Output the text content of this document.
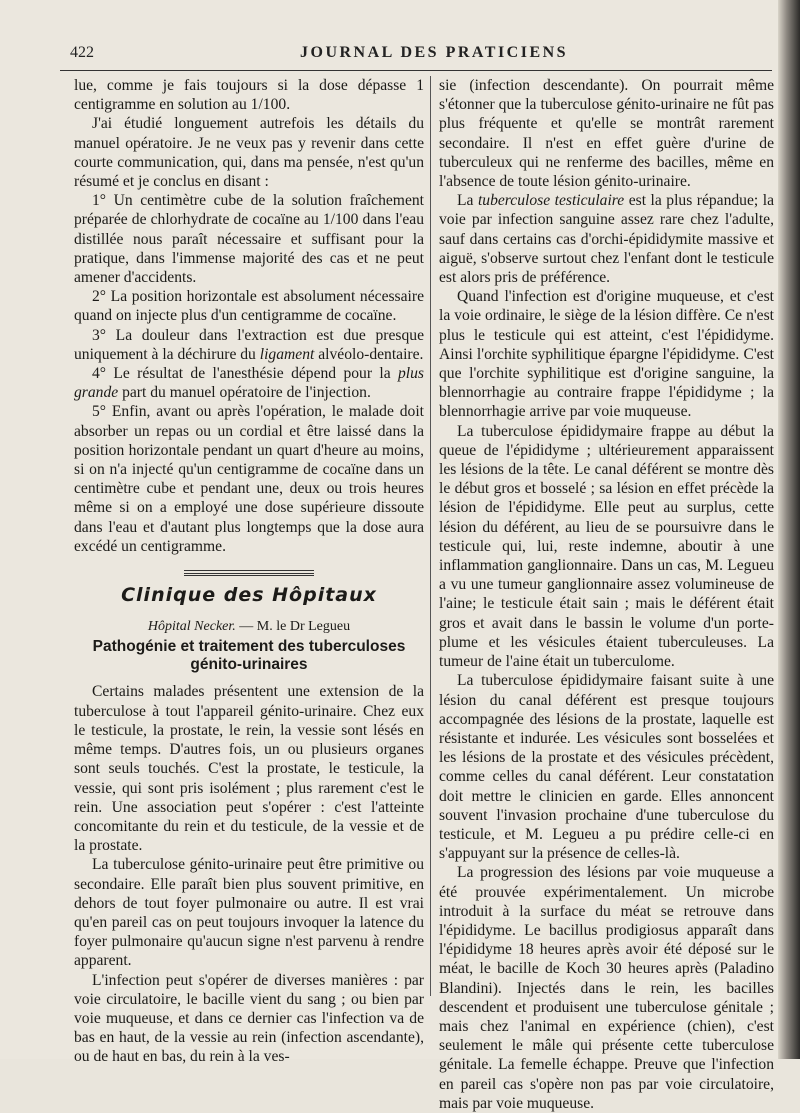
422	JOURNAL DES PRATICIENS

lue, comme je fais toujours si la dose dépasse 1 centigramme en solution au 1/100.

J'ai étudié longuement autrefois les détails du manuel opératoire. Je ne veux pas y revenir dans cette courte communication, qui, dans ma pensée, n'est qu'un résumé et je conclus en disant :

1° Un centimètre cube de la solution fraîchement préparée de chlorhydrate de cocaïne au 1/100 dans l'eau distillée nous paraît nécessaire et suffisant pour la pratique, dans l'immense majorité des cas et ne peut amener d'accidents.

2° La position horizontale est absolument nécessaire quand on injecte plus d'un centigramme de cocaïne.

3° La douleur dans l'extraction est due presque uniquement à la déchirure du ligament alvéolo-dentaire.

4° Le résultat de l'anesthésie dépend pour la plus grande part du manuel opératoire de l'injection.

5° Enfin, avant ou après l'opération, le malade doit absorber un repas ou un cordial et être laissé dans la position horizontale pendant un quart d'heure au moins, si on n'a injecté qu'un centigramme de cocaïne dans un centimètre cube et pendant une, deux ou trois heures même si on a employé une dose supérieure dissoute dans l'eau et d'autant plus longtemps que la dose aura excédé un centigramme.

Clinique des Hôpitaux
Hôpital Necker. — M. le Dr Legueu
Pathogénie et traitement des tuberculoses génito-urinaires

Certains malades présentent une extension de la tuberculose à tout l'appareil génito-urinaire. Chez eux le testicule, la prostate, le rein, la vessie sont lésés en même temps. D'autres fois, un ou plusieurs organes sont seuls touchés. C'est la prostate, le testicule, la vessie, qui sont pris isolément ; plus rarement c'est le rein. Une association peut s'opérer : c'est l'atteinte concomitante du rein et du testicule, de la vessie et de la prostate.

La tuberculose génito-urinaire peut être primitive ou secondaire. Elle paraît bien plus souvent primitive, en dehors de tout foyer pulmonaire ou autre. Il est vrai qu'en pareil cas on peut toujours invoquer la latence du foyer pulmonaire qu'aucun signe n'est parvenu à rendre apparent.

L'infection peut s'opérer de diverses manières : par voie circulatoire, le bacille vient du sang ; ou bien par voie muqueuse, et dans ce dernier cas l'infection va de bas en haut, de la vessie au rein (infection ascendante), ou de haut en bas, du rein à la ves-

sie (infection descendante). On pourrait même s'étonner que la tuberculose génito-urinaire ne fût pas plus fréquente et qu'elle se montrât rarement secondaire. Il n'est en effet guère d'urine de tuberculeux qui ne renferme des bacilles, même en l'absence de toute lésion génito-urinaire.

La tuberculose testiculaire est la plus répandue; la voie par infection sanguine assez rare chez l'adulte, sauf dans certains cas d'orchi-épididymite massive et aiguë, s'observe surtout chez l'enfant dont le testicule est alors pris de préférence.

Quand l'infection est d'origine muqueuse, et c'est la voie ordinaire, le siège de la lésion diffère. Ce n'est plus le testicule qui est atteint, c'est l'épididyme. Ainsi l'orchite syphilitique épargne l'épididyme. C'est que l'orchite syphilitique est d'origine sanguine, la blennorrhagie au contraire frappe l'épididyme ; la blennorrhagie arrive par voie muqueuse.

La tuberculose épididymaire frappe au début la queue de l'épididyme ; ultérieurement apparaissent les lésions de la tête. Le canal déférent se montre dès le début gros et bosselé ; sa lésion en effet précède la lésion de l'épididyme. Elle peut au surplus, cette lésion du déférent, au lieu de se poursuivre dans le testicule qui, lui, reste indemne, aboutir à une inflammation ganglionnaire. Dans un cas, M. Legueu a vu une tumeur ganglionnaire assez volumineuse de l'aine; le testicule était sain ; mais le déférent était gros et avait dans le bassin le volume d'un porte-plume et les vésicules étaient tuberculeuses. La tumeur de l'aine était un tuberculome.

La tuberculose épididymaire faisant suite à une lésion du canal déférent est presque toujours accompagnée des lésions de la prostate, laquelle est résistante et indurée. Les vésicules sont bosselées et les lésions de la prostate et des vésicules précèdent, comme celles du canal déférent. Leur constatation doit mettre le clinicien en garde. Elles annoncent souvent l'invasion prochaine d'une tuberculose du testicule, et M. Legueu a pu prédire celle-ci en s'appuyant sur la présence de celles-là.

La progression des lésions par voie muqueuse a été prouvée expérimentalement. Un microbe introduit à la surface du méat se retrouve dans l'épididyme. Le bacillus prodigiosus apparaît dans l'épididyme 18 heures après avoir été déposé sur le méat, le bacille de Koch 30 heures après (Paladino Blandini). Injectés dans le rein, les bacilles descendent et produisent une tuberculose génitale ; mais chez l'animal en expérience (chien), c'est seulement le mâle qui présente cette tuberculose génitale. La femelle échappe. Preuve que l'infection en pareil cas s'opère non pas par voie circulatoire, mais par voie muqueuse.
